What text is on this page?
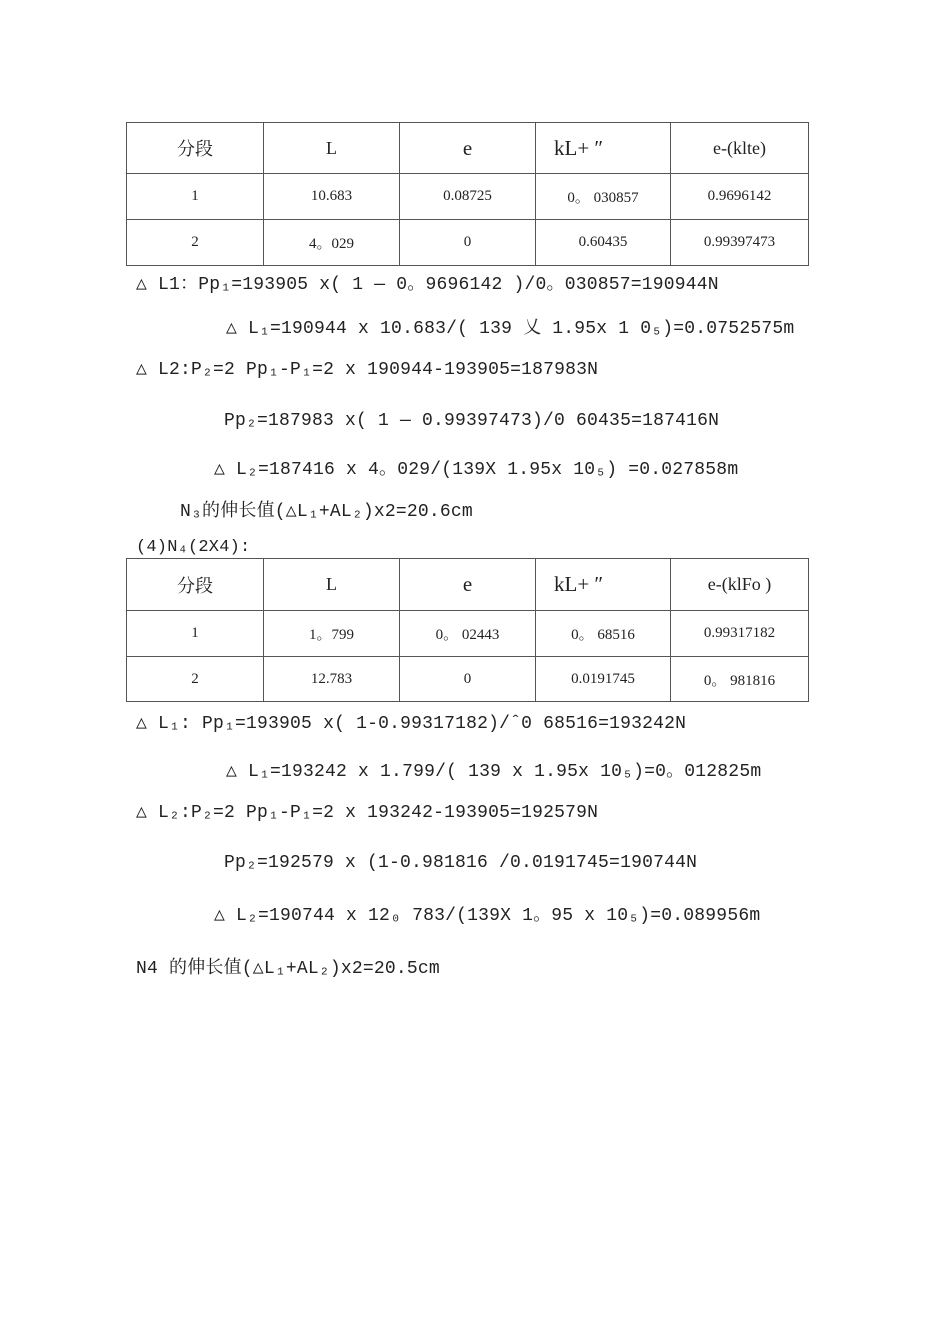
分段	L	e	kL+ ″	e-(klte)
1	10.683	0.08725	0。 030857	0.9696142
2	4。029	0	0.60435	0.99397473
△ L1：Pp₁=193905 x( 1 — 0。9696142 )/0。030857=190944N
△ L₁=190944 x 10.683/( 139 乂 1.95x 1 0₅)=0.0752575m
△ L2:P₂=2 Pp₁-P₁=2 x 190944-193905=187983N
Pp₂=187983 x( 1 — 0.99397473)/0 60435=187416N
△ L₂=187416 x 4。029/(139X 1.95x 10₅) =0.027858m
N₃的伸长值(△L₁+AL₂)x2=20.6cm
(4)N₄(2X4):
分段	L	e	kL+ ″	e-(klFo )
1	1。799	0。 02443	0。 68516	0.99317182
2	12.783	0	0.0191745	0。 981816
△ L₁: Pp₁=193905 x( 1-0.99317182)/ˆ0 68516=193242N
△ L₁=193242 x 1.799/( 139 x 1.95x 10₅)=0。012825m
△ L₂:P₂=2 Pp₁-P₁=2 x 193242-193905=192579N
Pp₂=192579 x (1-0.981816 /0.0191745=190744N
△ L₂=190744 x 12₀ 783/(139X 1。95 x 10₅)=0.089956m
N4 的伸长值(△L₁+AL₂)x2=20.5cm
